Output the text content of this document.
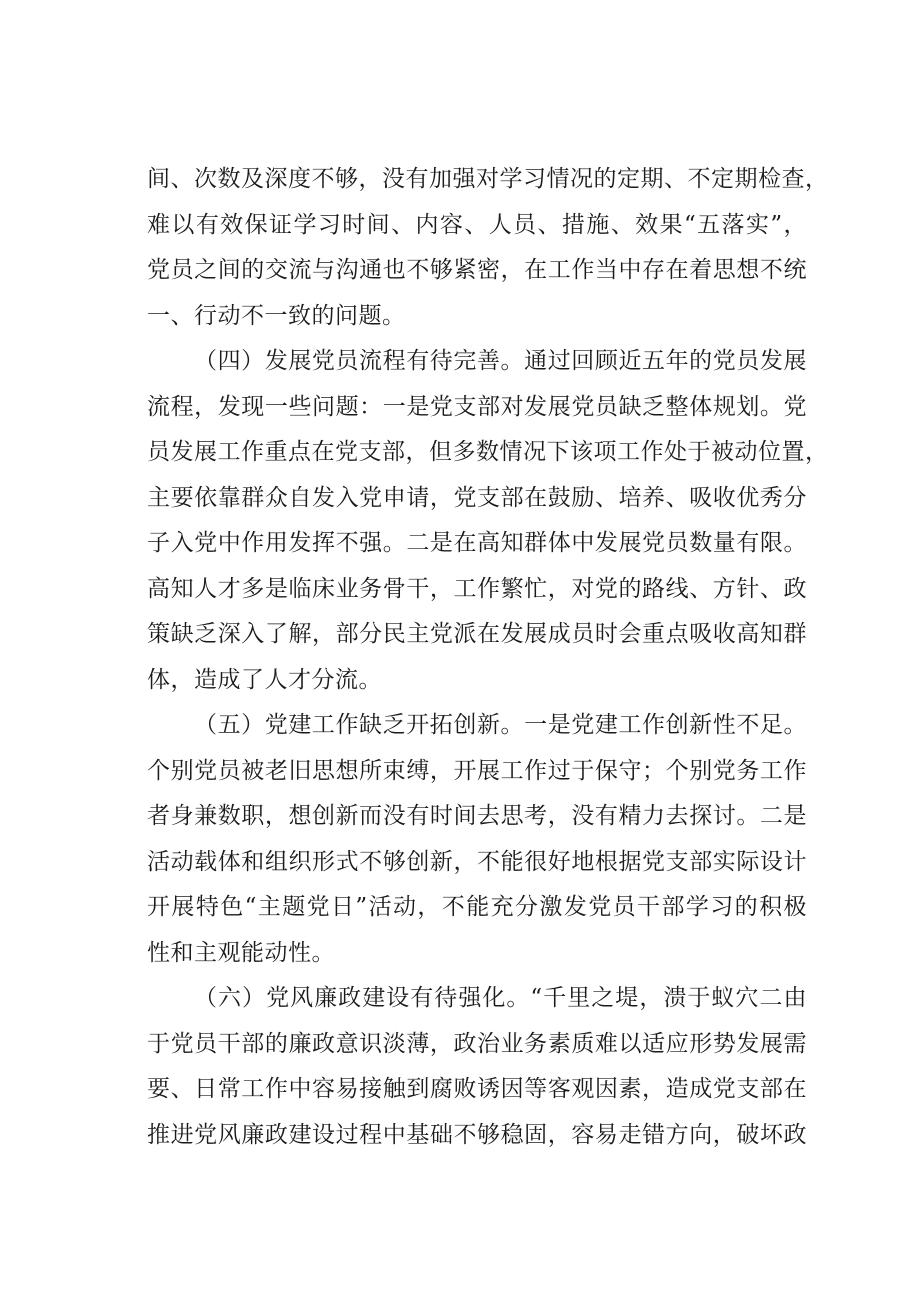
间、次数及深度不够，没有加强对学习情况的定期、不定期检查，
难以有效保证学习时间、内容、人员、措施、效果“五落实”，
党员之间的交流与沟通也不够紧密，在工作当中存在着思想不统
一、行动不一致的问题。
（四）发展党员流程有待完善。通过回顾近五年的党员发展
流程，发现一些问题：一是党支部对发展党员缺乏整体规划。党
员发展工作重点在党支部，但多数情况下该项工作处于被动位置，
主要依靠群众自发入党申请，党支部在鼓励、培养、吸收优秀分
子入党中作用发挥不强。二是在高知群体中发展党员数量有限。
高知人才多是临床业务骨干，工作繁忙，对党的路线、方针、政
策缺乏深入了解，部分民主党派在发展成员时会重点吸收高知群
体，造成了人才分流。
（五）党建工作缺乏开拓创新。一是党建工作创新性不足。
个别党员被老旧思想所束缚，开展工作过于保守；个别党务工作
者身兼数职，想创新而没有时间去思考，没有精力去探讨。二是
活动载体和组织形式不够创新，不能很好地根据党支部实际设计
开展特色“主题党日”活动，不能充分激发党员干部学习的积极
性和主观能动性。
（六）党风廉政建设有待强化。“千里之堤，溃于蚁穴二由
于党员干部的廉政意识淡薄，政治业务素质难以适应形势发展需
要、日常工作中容易接触到腐败诱因等客观因素，造成党支部在
推进党风廉政建设过程中基础不够稳固，容易走错方向，破坏政
